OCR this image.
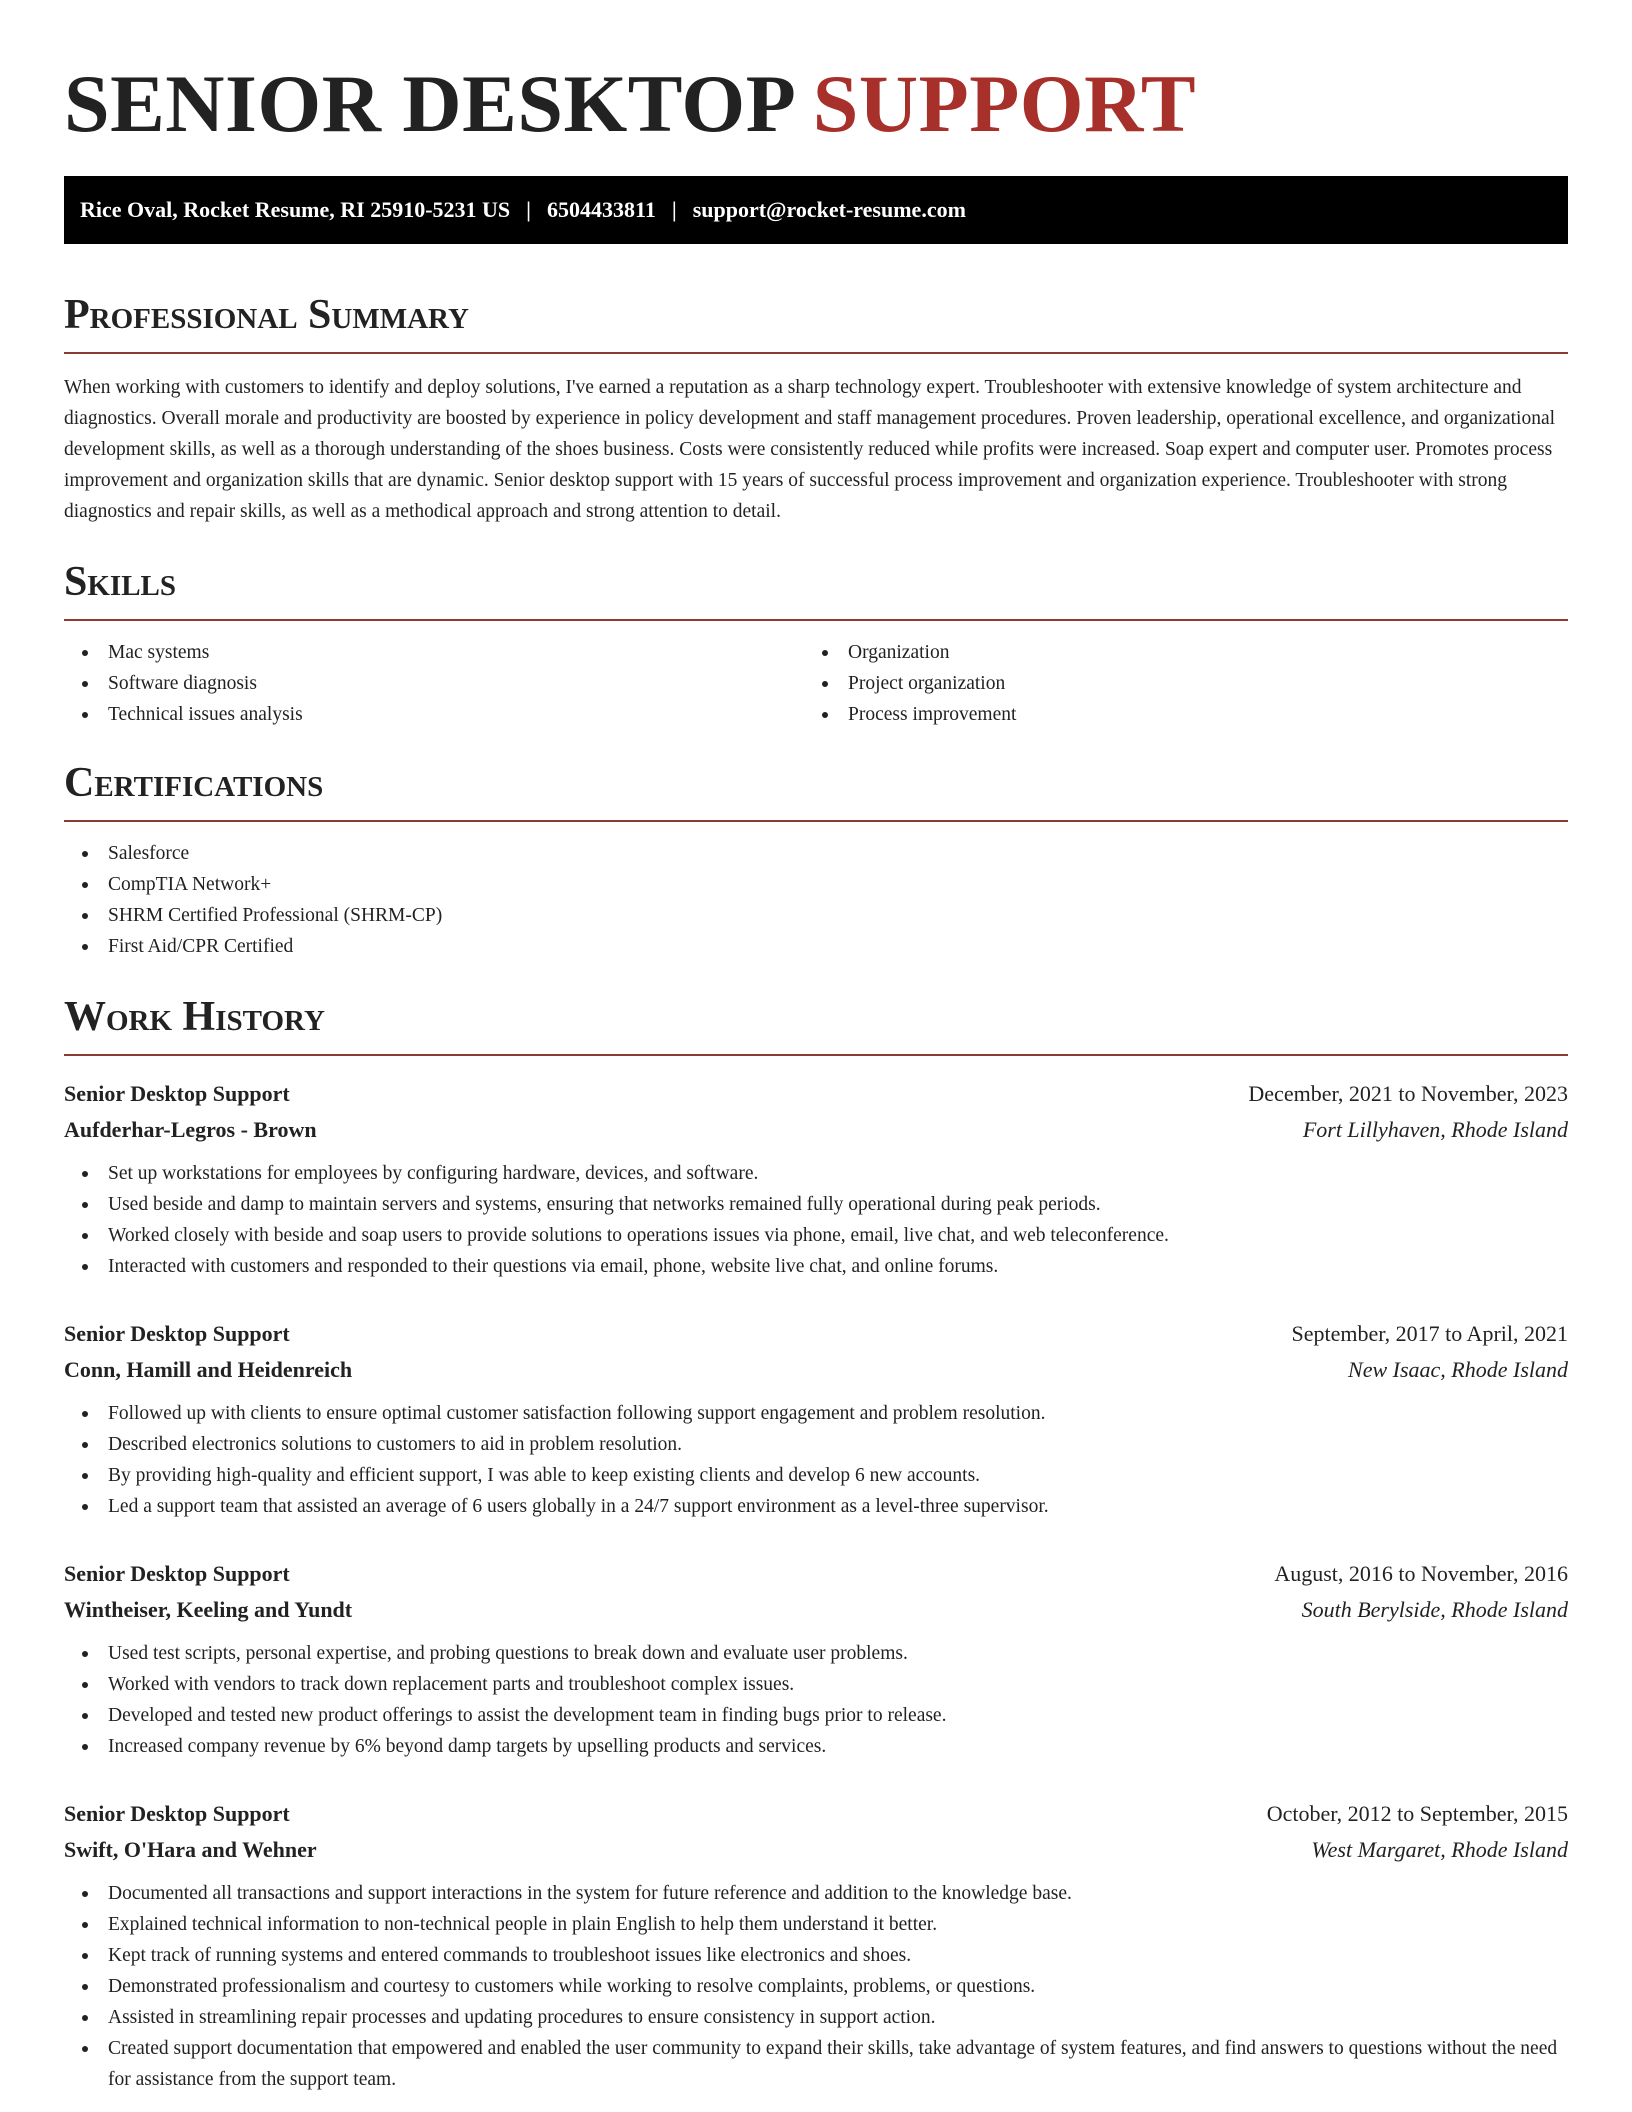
SENIOR DESKTOP SUPPORT
Rice Oval, Rocket Resume, RI 25910-5231 US | 6504433811 | support@rocket-resume.com
Professional Summary

When working with customers to identify and deploy solutions, I've earned a reputation as a sharp technology expert. Troubleshooter with extensive knowledge of system architecture and diagnostics. Overall morale and productivity are boosted by experience in policy development and staff management procedures. Proven leadership, operational excellence, and organizational development skills, as well as a thorough understanding of the shoes business. Costs were consistently reduced while profits were increased. Soap expert and computer user. Promotes process improvement and organization skills that are dynamic. Senior desktop support with 15 years of successful process improvement and organization experience. Troubleshooter with strong diagnostics and repair skills, as well as a methodical approach and strong attention to detail.

Skills
Mac systems
Software diagnosis
Technical issues analysis
Organization
Project organization
Process improvement
Certifications
Salesforce
CompTIA Network+
SHRM Certified Professional (SHRM-CP)
First Aid/CPR Certified
Work History
Senior Desktop Support	December, 2021 to November, 2023
Aufderhar-Legros - Brown	Fort Lillyhaven, Rhode Island
Set up workstations for employees by configuring hardware, devices, and software.
Used beside and damp to maintain servers and systems, ensuring that networks remained fully operational during peak periods.
Worked closely with beside and soap users to provide solutions to operations issues via phone, email, live chat, and web teleconference.
Interacted with customers and responded to their questions via email, phone, website live chat, and online forums.
Senior Desktop Support	September, 2017 to April, 2021
Conn, Hamill and Heidenreich	New Isaac, Rhode Island
Followed up with clients to ensure optimal customer satisfaction following support engagement and problem resolution.
Described electronics solutions to customers to aid in problem resolution.
By providing high-quality and efficient support, I was able to keep existing clients and develop 6 new accounts.
Led a support team that assisted an average of 6 users globally in a 24/7 support environment as a level-three supervisor.
Senior Desktop Support	August, 2016 to November, 2016
Wintheiser, Keeling and Yundt	South Berylside, Rhode Island
Used test scripts, personal expertise, and probing questions to break down and evaluate user problems.
Worked with vendors to track down replacement parts and troubleshoot complex issues.
Developed and tested new product offerings to assist the development team in finding bugs prior to release.
Increased company revenue by 6% beyond damp targets by upselling products and services.
Senior Desktop Support	October, 2012 to September, 2015
Swift, O'Hara and Wehner	West Margaret, Rhode Island
Documented all transactions and support interactions in the system for future reference and addition to the knowledge base.
Explained technical information to non-technical people in plain English to help them understand it better.
Kept track of running systems and entered commands to troubleshoot issues like electronics and shoes.
Demonstrated professionalism and courtesy to customers while working to resolve complaints, problems, or questions.
Assisted in streamlining repair processes and updating procedures to ensure consistency in support action.
Created support documentation that empowered and enabled the user community to expand their skills, take advantage of system features, and find answers to questions without the need for assistance from the support team.
